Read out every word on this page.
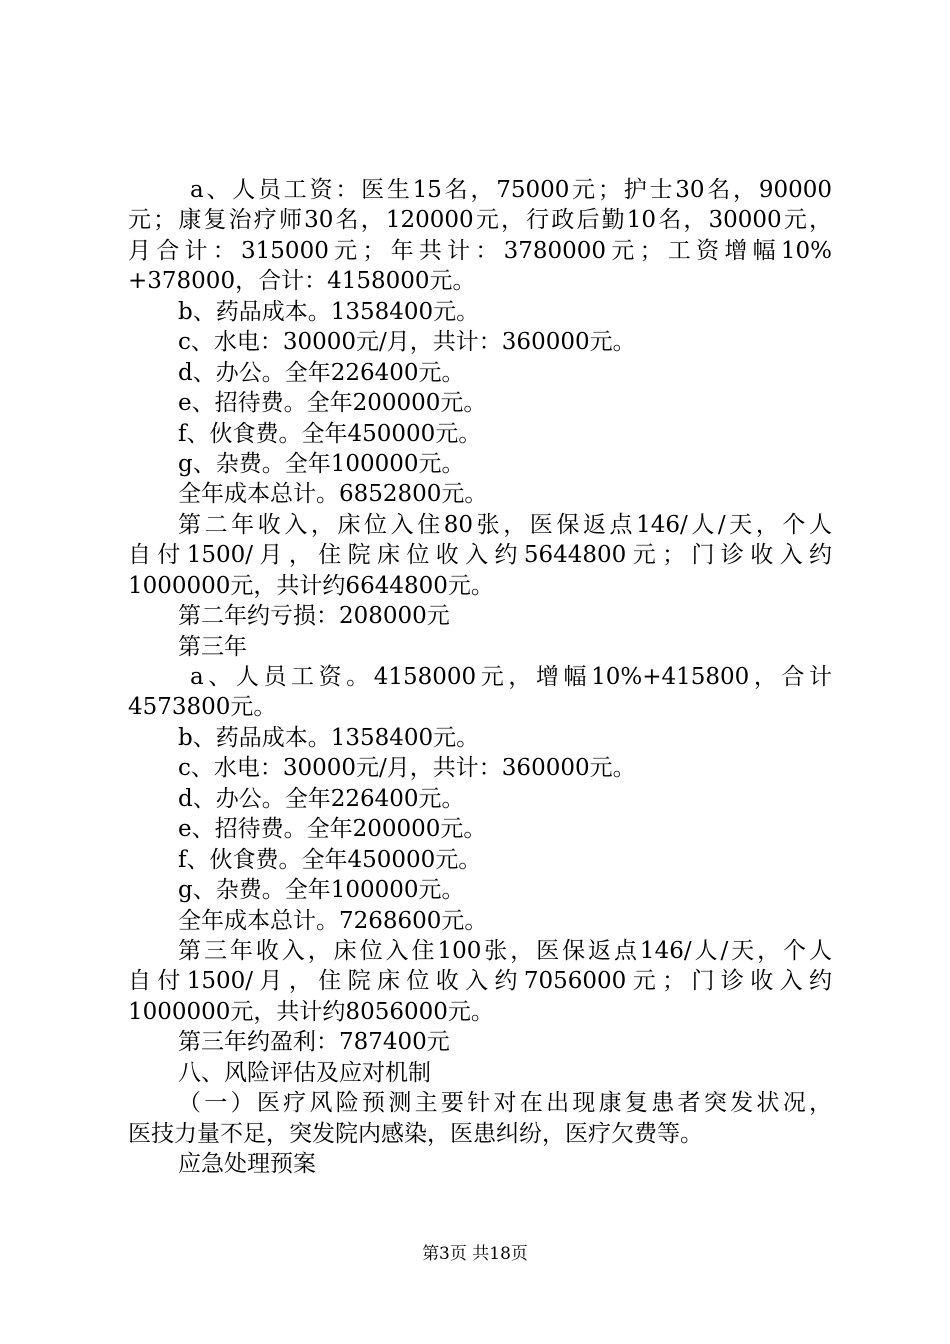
a、人员工资：医生15名，75000元；护士30名，90000
元；康复治疗师30名，120000元，行政后勤10名，30000元，
月合计：315000元；年共计：3780000元；工资增幅10%
+378000，合计：4158000元。
b、药品成本。1358400元。
c、水电：30000元/月，共计：360000元。
d、办公。全年226400元。
e、招待费。全年200000元。
f、伙食费。全年450000元。
g、杂费。全年100000元。
全年成本总计。6852800元。
第二年收入，床位入住80张，医保返点146/人/天，个人
自付1500/月，住院床位收入约5644800元；门诊收入约
1000000元，共计约6644800元。
第二年约亏损：208000元
第三年
a、人员工资。4158000元，增幅10%+415800，合计
4573800元。
b、药品成本。1358400元。
c、水电：30000元/月，共计：360000元。
d、办公。全年226400元。
e、招待费。全年200000元。
f、伙食费。全年450000元。
g、杂费。全年100000元。
全年成本总计。7268600元。
第三年收入，床位入住100张，医保返点146/人/天，个人
自付1500/月，住院床位收入约7056000元；门诊收入约
1000000元，共计约8056000元。
第三年约盈利：787400元
八、风险评估及应对机制
（一）医疗风险预测主要针对在出现康复患者突发状况，
医技力量不足，突发院内感染，医患纠纷，医疗欠费等。
应急处理预案
第3页 共18页
